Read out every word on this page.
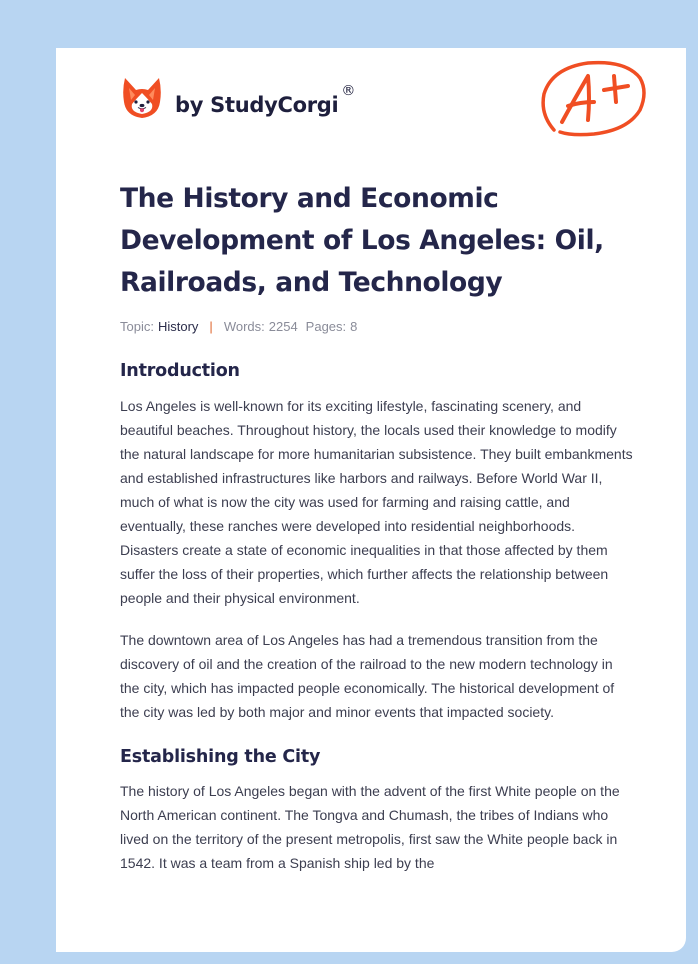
by StudyCorgi
®
The History and Economic Development of Los Angeles: Oil, Railroads, and Technology
Topic: History | Words: 2254 Pages: 8
Introduction

Los Angeles is well-known for its exciting lifestyle, fascinating scenery, and beautiful beaches. Throughout history, the locals used their knowledge to modify the natural landscape for more humanitarian subsistence. They built embankments and established infrastructures like harbors and railways. Before World War II, much of what is now the city was used for farming and raising cattle, and eventually, these ranches were developed into residential neighborhoods. Disasters create a state of economic inequalities in that those affected by them suffer the loss of their properties, which further affects the relationship between people and their physical environment.

The downtown area of Los Angeles has had a tremendous transition from the discovery of oil and the creation of the railroad to the new modern technology in the city, which has impacted people economically. The historical development of the city was led by both major and minor events that impacted society.

Establishing the City

The history of Los Angeles began with the advent of the first White people on the North American continent. The Tongva and Chumash, the tribes of Indians who lived on the territory of the present metropolis, first saw the White people back in 1542. It was a team from a Spanish ship led by the
